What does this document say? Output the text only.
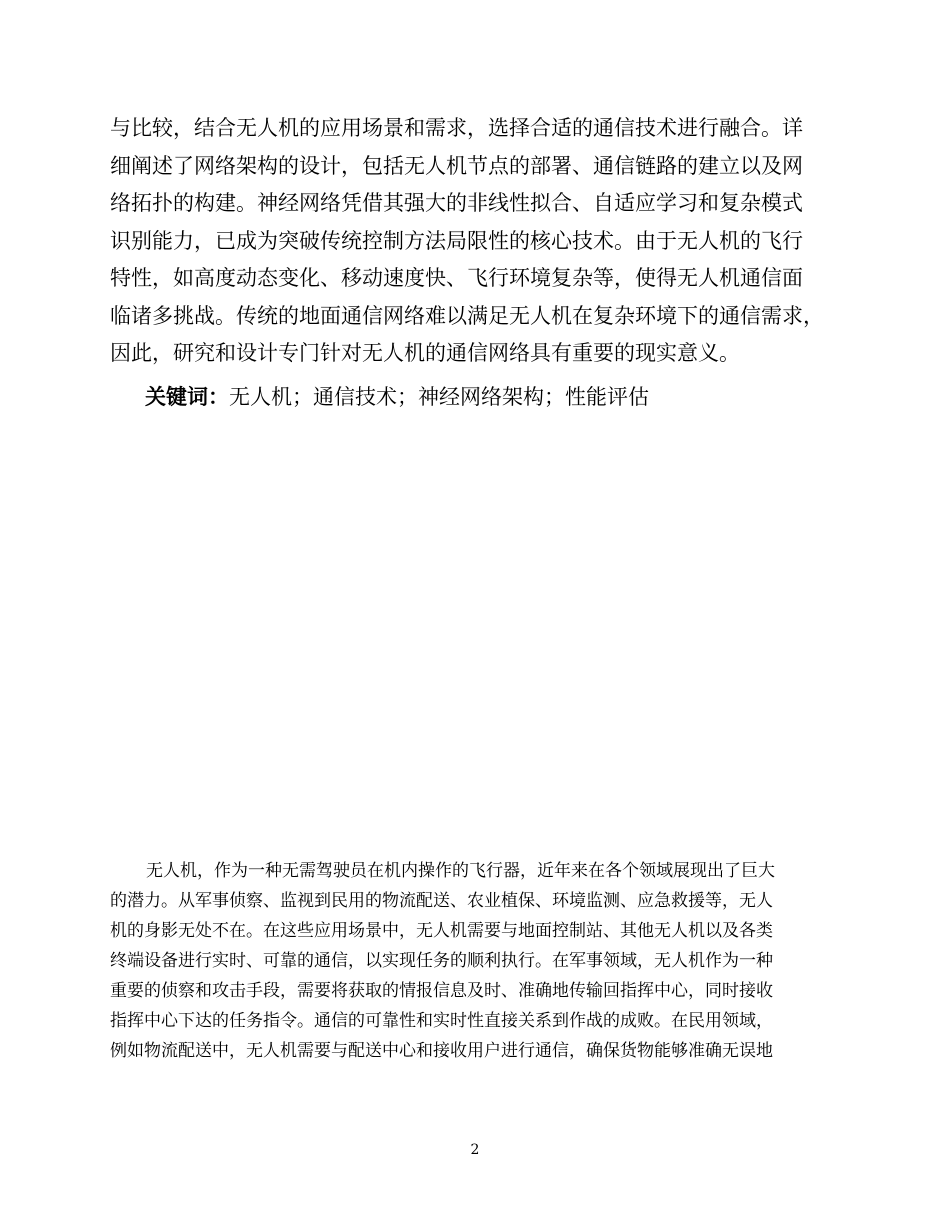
与比较，结合无人机的应用场景和需求，选择合适的通信技术进行融合。详
细阐述了网络架构的设计，包括无人机节点的部署、通信链路的建立以及网
络拓扑的构建。神经网络凭借其强大的非线性拟合、自适应学习和复杂模式
识别能力，已成为突破传统控制方法局限性的核心技术。由于无人机的飞行
特性，如高度动态变化、移动速度快、飞行环境复杂等，使得无人机通信面
临诸多挑战。传统的地面通信网络难以满足无人机在复杂环境下的通信需求，
因此，研究和设计专门针对无人机的通信网络具有重要的现实意义。
关键词：无人机；通信技术；神经网络架构；性能评估
无人机，作为一种无需驾驶员在机内操作的飞行器，近年来在各个领域展现出了巨大
的潜力。从军事侦察、监视到民用的物流配送、农业植保、环境监测、应急救援等，无人
机的身影无处不在。在这些应用场景中，无人机需要与地面控制站、其他无人机以及各类
终端设备进行实时、可靠的通信，以实现任务的顺利执行。在军事领域，无人机作为一种
重要的侦察和攻击手段，需要将获取的情报信息及时、准确地传输回指挥中心，同时接收
指挥中心下达的任务指令。通信的可靠性和实时性直接关系到作战的成败。在民用领域，
例如物流配送中，无人机需要与配送中心和接收用户进行通信，确保货物能够准确无误地
2
